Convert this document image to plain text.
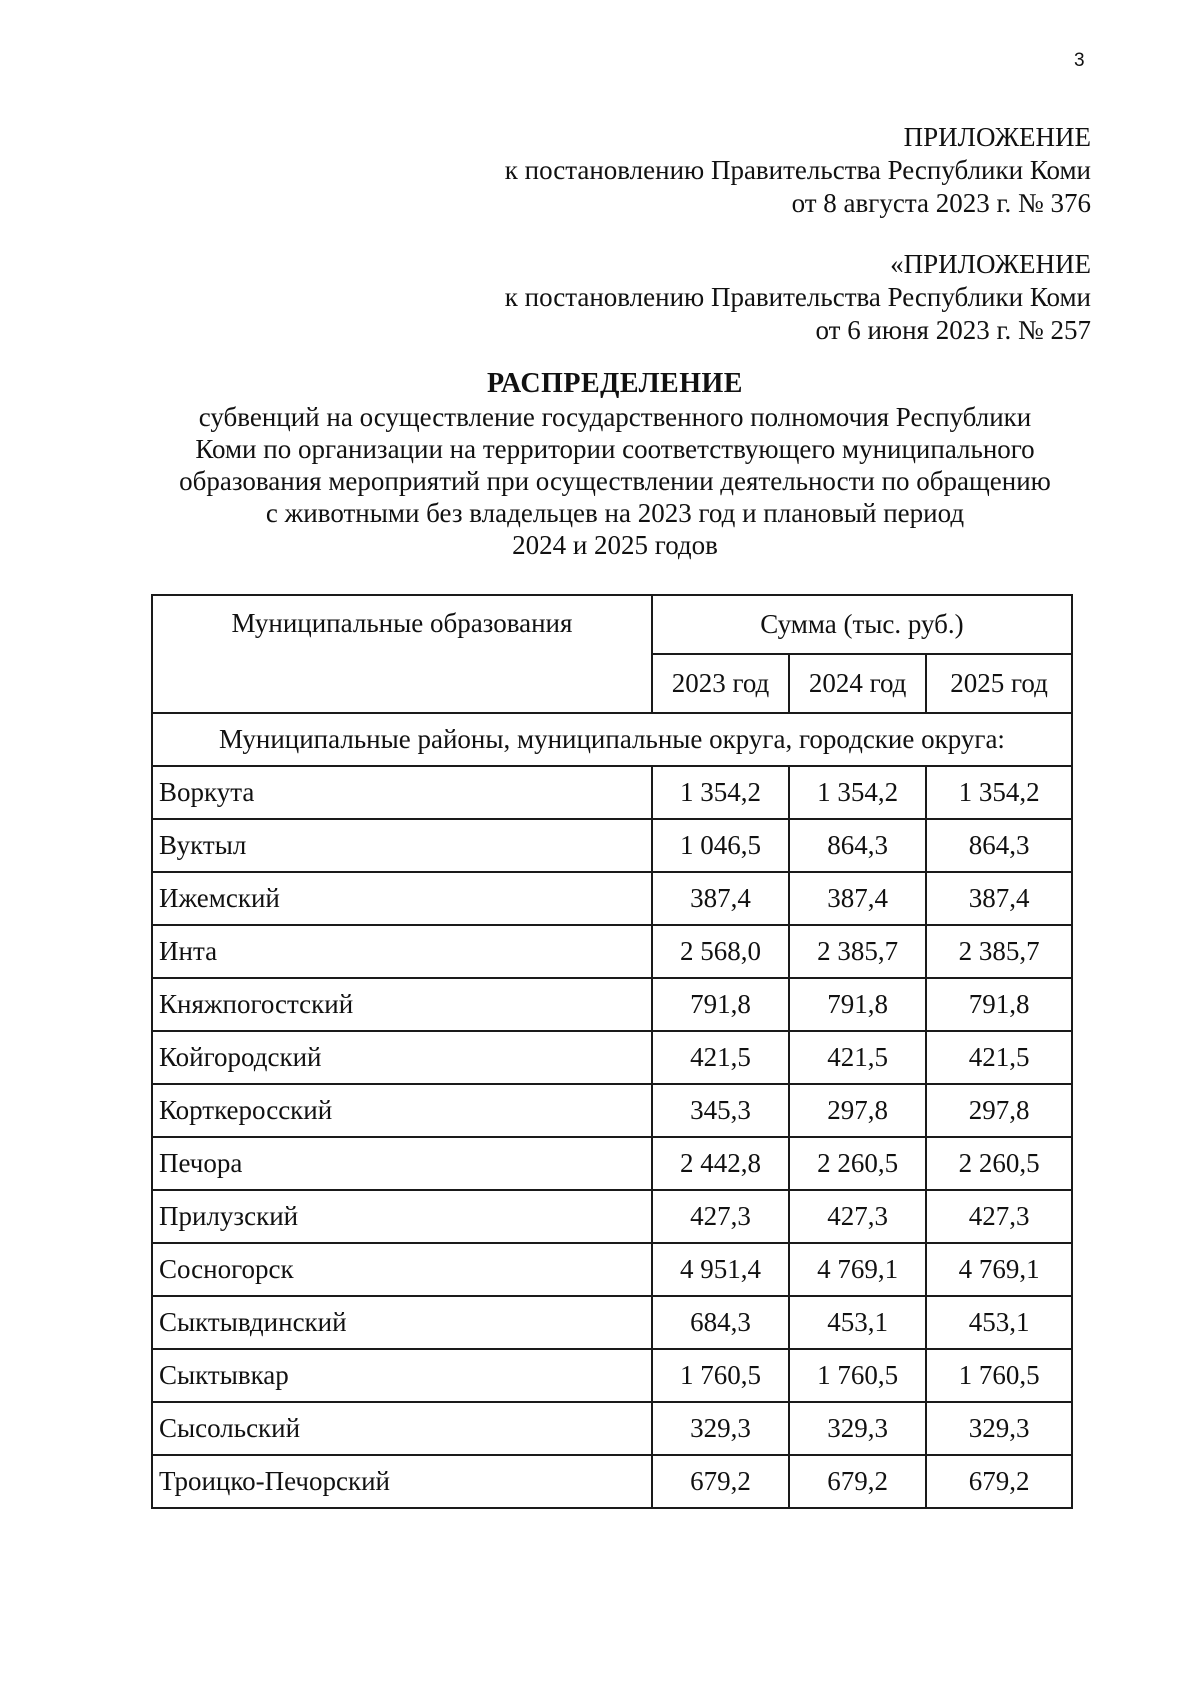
3
ПРИЛОЖЕНИЕ
к постановлению Правительства Республики Коми
от 8 августа 2023 г. № 376
«ПРИЛОЖЕНИЕ
к постановлению Правительства Республики Коми
от 6 июня 2023 г. № 257
РАСПРЕДЕЛЕНИЕ
субвенций на осуществление государственного полномочия Республики
Коми по организации на территории соответствующего муниципального
образования мероприятий при осуществлении деятельности по обращению
с животными без владельцев на 2023 год и плановый период
2024 и 2025 годов
Муниципальные образования	Сумма (тыс. руб.)		
	2023 год	2024 год	2025 год
Муниципальные районы, муниципальные округа, городские округа:			
Воркута	1 354,2	1 354,2	1 354,2
Вуктыл	1 046,5	864,3	864,3
Ижемский	387,4	387,4	387,4
Инта	2 568,0	2 385,7	2 385,7
Княжпогостский	791,8	791,8	791,8
Койгородский	421,5	421,5	421,5
Корткеросский	345,3	297,8	297,8
Печора	2 442,8	2 260,5	2 260,5
Прилузский	427,3	427,3	427,3
Сосногорск	4 951,4	4 769,1	4 769,1
Сыктывдинский	684,3	453,1	453,1
Сыктывкар	1 760,5	1 760,5	1 760,5
Сысольский	329,3	329,3	329,3
Троицко-Печорский	679,2	679,2	679,2
